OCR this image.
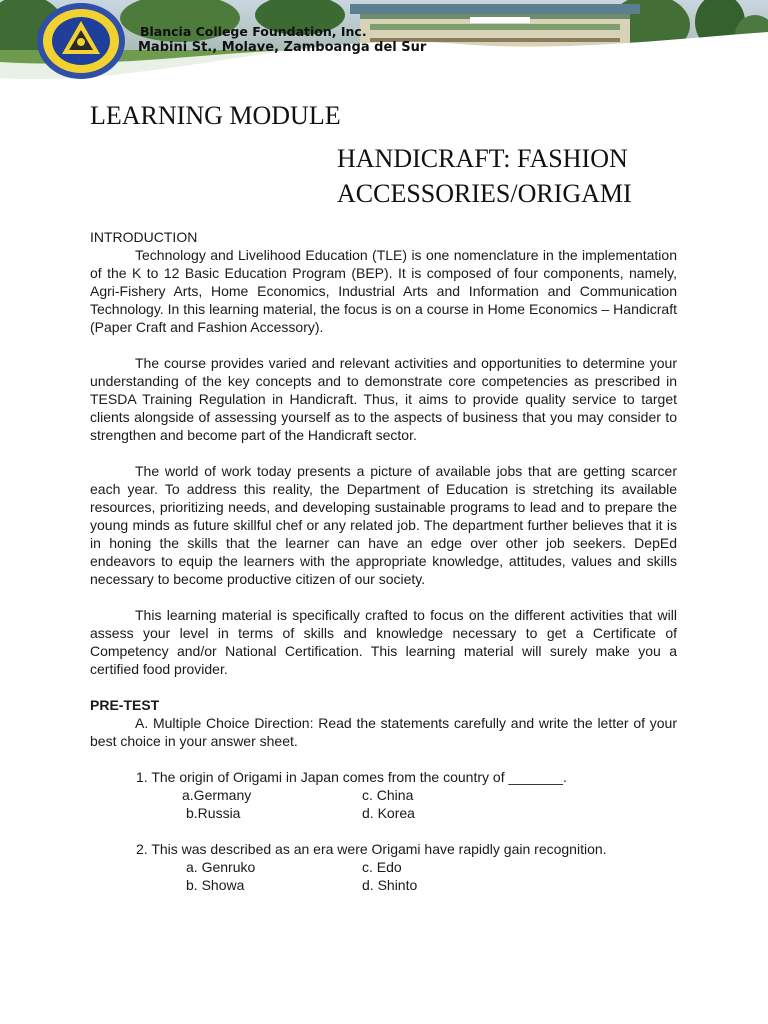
Blancia College Foundation, Inc.
Mabini St., Molave, Zamboanga del Sur
LEARNING MODULE
HANDICRAFT: FASHION
ACCESSORIES/ORIGAMI

INTRODUCTION

Technology and Livelihood Education (TLE) is one nomenclature in the implementation of the K to 12 Basic Education Program (BEP). It is composed of four components, namely, Agri-Fishery Arts, Home Economics, Industrial Arts and Information and Communication Technology. In this learning material, the focus is on a course in Home Economics – Handicraft (Paper Craft and Fashion Accessory).

The course provides varied and relevant activities and opportunities to determine your understanding of the key concepts and to demonstrate core competencies as prescribed in TESDA Training Regulation in Handicraft. Thus, it aims to provide quality service to target clients alongside of assessing yourself as to the aspects of business that you may consider to strengthen and become part of the Handicraft sector.

The world of work today presents a picture of available jobs that are getting scarcer each year. To address this reality, the Department of Education is stretching its available resources, prioritizing needs, and developing sustainable programs to lead and to prepare the young minds as future skillful chef or any related job. The department further believes that it is in honing the skills that the learner can have an edge over other job seekers. DepEd endeavors to equip the learners with the appropriate knowledge, attitudes, values and skills necessary to become productive citizen of our society.

This learning material is specifically crafted to focus on the different activities that will assess your level in terms of skills and knowledge necessary to get a Certificate of Competency and/or National Certification. This learning material will surely make you a certified food provider.

PRE-TEST

A. Multiple Choice Direction: Read the statements carefully and write the letter of your best choice in your answer sheet.

1. The origin of Origami in Japan comes from the country of _______.

a.Germany	c. China

b.Russia	d. Korea

2. This was described as an era were Origami have rapidly gain recognition.

a. Genruko	c. Edo

b. Showa	d. Shinto
